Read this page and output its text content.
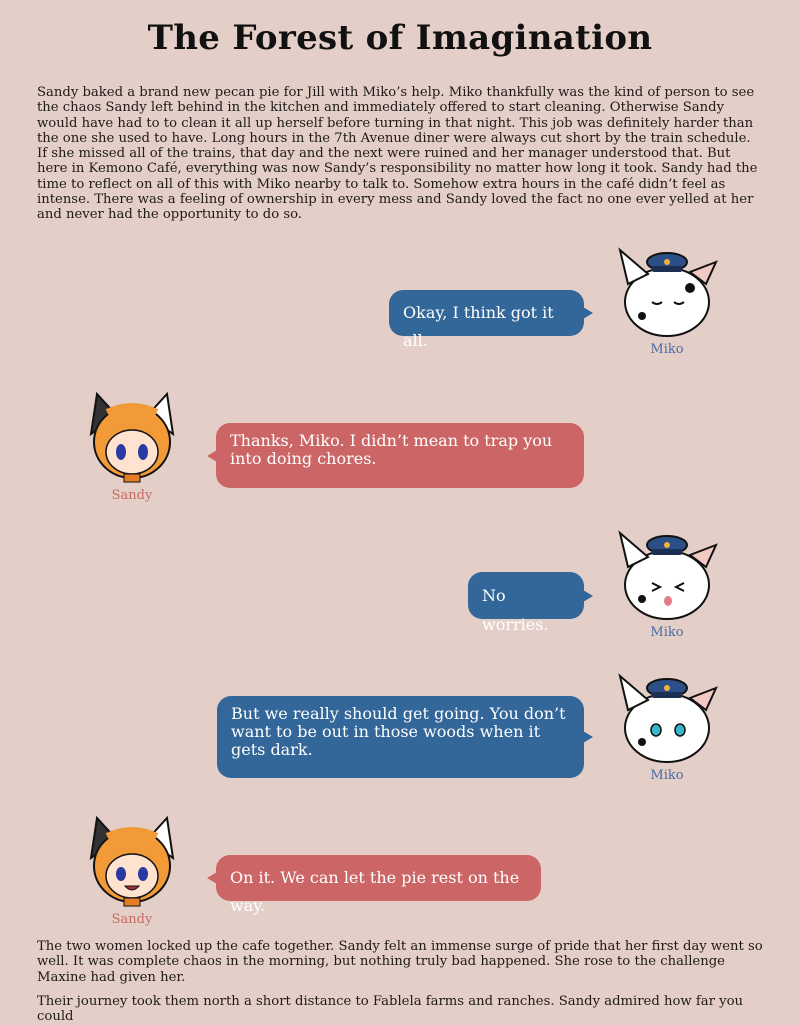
The Forest of Imagination

Sandy baked a brand new pecan pie for Jill with Miko’s help. Miko thankfully was the kind of person to see the chaos Sandy left behind in the kitchen and immediately offered to start cleaning. Otherwise Sandy would have had to to clean it all up herself before turning in that night. This job was definitely harder than the one she used to have. Long hours in the 7th Avenue diner were always cut short by the train schedule. If she missed all of the trains, that day and the next were ruined and her manager understood that. But here in Kemono Café, everything was now Sandy’s responsibility no matter how long it took. Sandy had the time to reflect on all of this with Miko nearby to talk to. Somehow extra hours in the café didn’t feel as intense. There was a feeling of ownership in every mess and Sandy loved the fact no one ever yelled at her and never had the opportunity to do so.

Okay, I think got it all.	Miko
Sandy
Thanks, Miko. I didn’t mean to trap you into doing chores.
No worries.	Miko
But we really should get going. You don’t want to be out in those woods when it gets dark.
Miko
Sandy
On it. We can let the pie rest on the way.

The two women locked up the cafe together. Sandy felt an immense surge of pride that her first day went so well. It was complete chaos in the morning, but nothing truly bad happened. She rose to the challenge Maxine had given her.

Their journey took them north a short distance to Fablela farms and ranches. Sandy admired how far you could
